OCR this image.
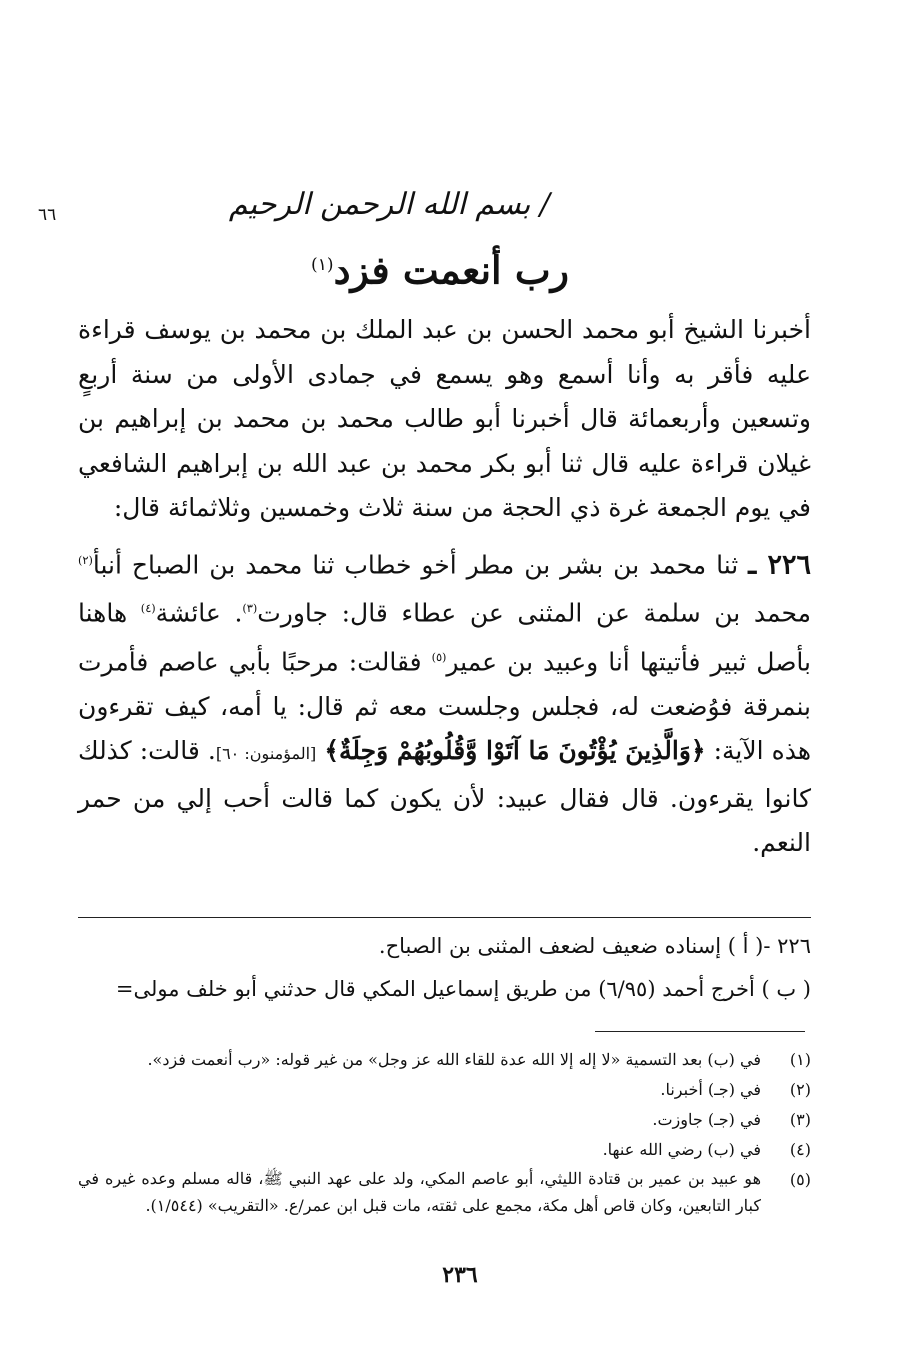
٦٦	/ بسم الله الرحمن الرحيم
رب أنعمت فزد$^{(١)}$

أخبرنا الشيخ أبو محمد الحسن بن عبد الملك بن محمد بن يوسف قراءة عليه فأقر به وأنا أسمع وهو يسمع في جمادى الأولى من سنة أربعٍ وتسعين وأربعمائة قال أخبرنا أبو طالب محمد بن محمد بن إبراهيم بن غيلان قراءة عليه قال ثنا أبو بكر محمد بن عبد الله بن إبراهيم الشافعي في يوم الجمعة غرة ذي الحجة من سنة ثلاث وخمسين وثلاثمائة قال:

٢٢٦ ـ ثنا محمد بن بشر بن مطر أخو خطاب ثنا محمد بن الصباح أنبأ$^{(٢)}$ محمد بن سلمة عن المثنى عن عطاء قال: جاورت$^{(٣)}$. عائشة$^{(٤)}$ هاهنا بأصل ثبير فأتيتها أنا وعبيد بن عمير$^{(٥)}$ فقالت: مرحبًا بأبي عاصم فأمرت بنمرقة فوُضعت له، فجلس وجلست معه ثم قال: يا أمه، كيف تقرءون هذه الآية: ﴿وَالَّذِينَ يُؤْتُونَ مَا آتَوْا وَّقُلُوبُهُمْ وَجِلَةٌ﴾ [المؤمنون: ٦٠]. قالت: كذلك كانوا يقرءون. قال فقال عبيد: لأن يكون كما قالت أحب إلي من حمر النعم.

٢٢٦ -( أ ) إسناده ضعيف لضعف المثنى بن الصباح.
( ب ) أخرج أحمد (٦/٩٥) من طريق إسماعيل المكي قال حدثني أبو خلف مولى=
(١)
في (ب) بعد التسمية «لا إله إلا الله عدة للقاء الله عز وجل» من غير قوله: «رب أنعمت فزد».
(٢)
في (جـ) أخبرنا.
(٣)
في (جـ) جاوزت.
(٤)
في (ب) رضي الله عنها.
(٥)
هو عبيد بن عمير بن قتادة الليثي، أبو عاصم المكي، ولد على عهد النبي ﷺ، قاله مسلم وعده غيره في كبار التابعين، وكان قاص أهل مكة، مجمع على ثقته، مات قبل ابن عمر/ع. «التقريب» (١/٥٤٤).
٢٣٦
